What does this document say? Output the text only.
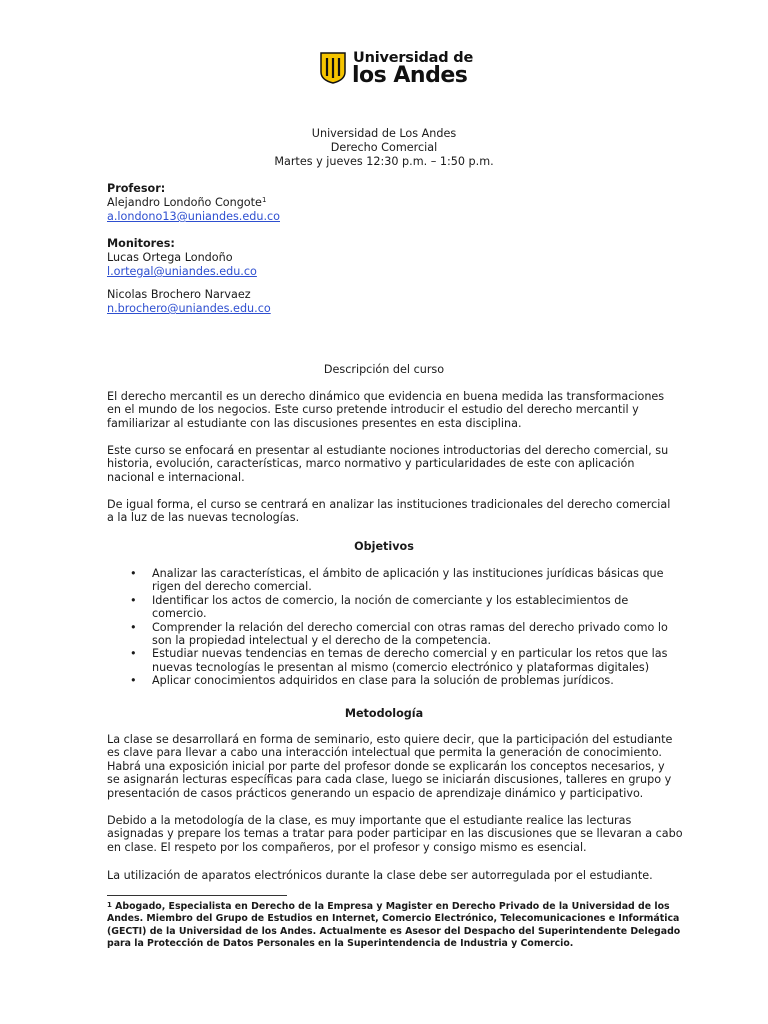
Universidad de
los Andes
Universidad de Los Andes
Derecho Comercial
Martes y jueves 12:30 p.m. – 1:50 p.m.
Profesor:
Alejandro Londoño Congote$^1$
a.londono13@uniandes.edu.co
Monitores:
Lucas Ortega Londoño
l.ortegal@uniandes.edu.co
Nicolas Brochero Narvaez
n.brochero@uniandes.edu.co
Descripción del curso
El derecho mercantil es un derecho dinámico que evidencia en buena medida las transformaciones
en el mundo de los negocios. Este curso pretende introducir el estudio del derecho mercantil y
familiarizar al estudiante con las discusiones presentes en esta disciplina.
Este curso se enfocará en presentar al estudiante nociones introductorias del derecho comercial, su
historia, evolución, características, marco normativo y particularidades de este con aplicación
nacional e internacional.
De igual forma, el curso se centrará en analizar las instituciones tradicionales del derecho comercial
a la luz de las nuevas tecnologías.
Objetivos
• Analizar las características, el ámbito de aplicación y las instituciones jurídicas básicas que
rigen del derecho comercial.
• Identificar los actos de comercio, la noción de comerciante y los establecimientos de
comercio.
• Comprender la relación del derecho comercial con otras ramas del derecho privado como lo
son la propiedad intelectual y el derecho de la competencia.
• Estudiar nuevas tendencias en temas de derecho comercial y en particular los retos que las
nuevas tecnologías le presentan al mismo (comercio electrónico y plataformas digitales)
• Aplicar conocimientos adquiridos en clase para la solución de problemas jurídicos.
Metodología
La clase se desarrollará en forma de seminario, esto quiere decir, que la participación del estudiante
es clave para llevar a cabo una interacción intelectual que permita la generación de conocimiento.
Habrá una exposición inicial por parte del profesor donde se explicarán los conceptos necesarios, y
se asignarán lecturas específicas para cada clase, luego se iniciarán discusiones, talleres en grupo y
presentación de casos prácticos generando un espacio de aprendizaje dinámico y participativo.
Debido a la metodología de la clase, es muy importante que el estudiante realice las lecturas
asignadas y prepare los temas a tratar para poder participar en las discusiones que se llevaran a cabo
en clase. El respeto por los compañeros, por el profesor y consigo mismo es esencial.
La utilización de aparatos electrónicos durante la clase debe ser autorregulada por el estudiante.
$^1$ Abogado, Especialista en Derecho de la Empresa y Magister en Derecho Privado de la Universidad de los
Andes. Miembro del Grupo de Estudios en Internet, Comercio Electrónico, Telecomunicaciones e Informática
(GECTI) de la Universidad de los Andes. Actualmente es Asesor del Despacho del Superintendente Delegado
para la Protección de Datos Personales en la Superintendencia de Industria y Comercio.
